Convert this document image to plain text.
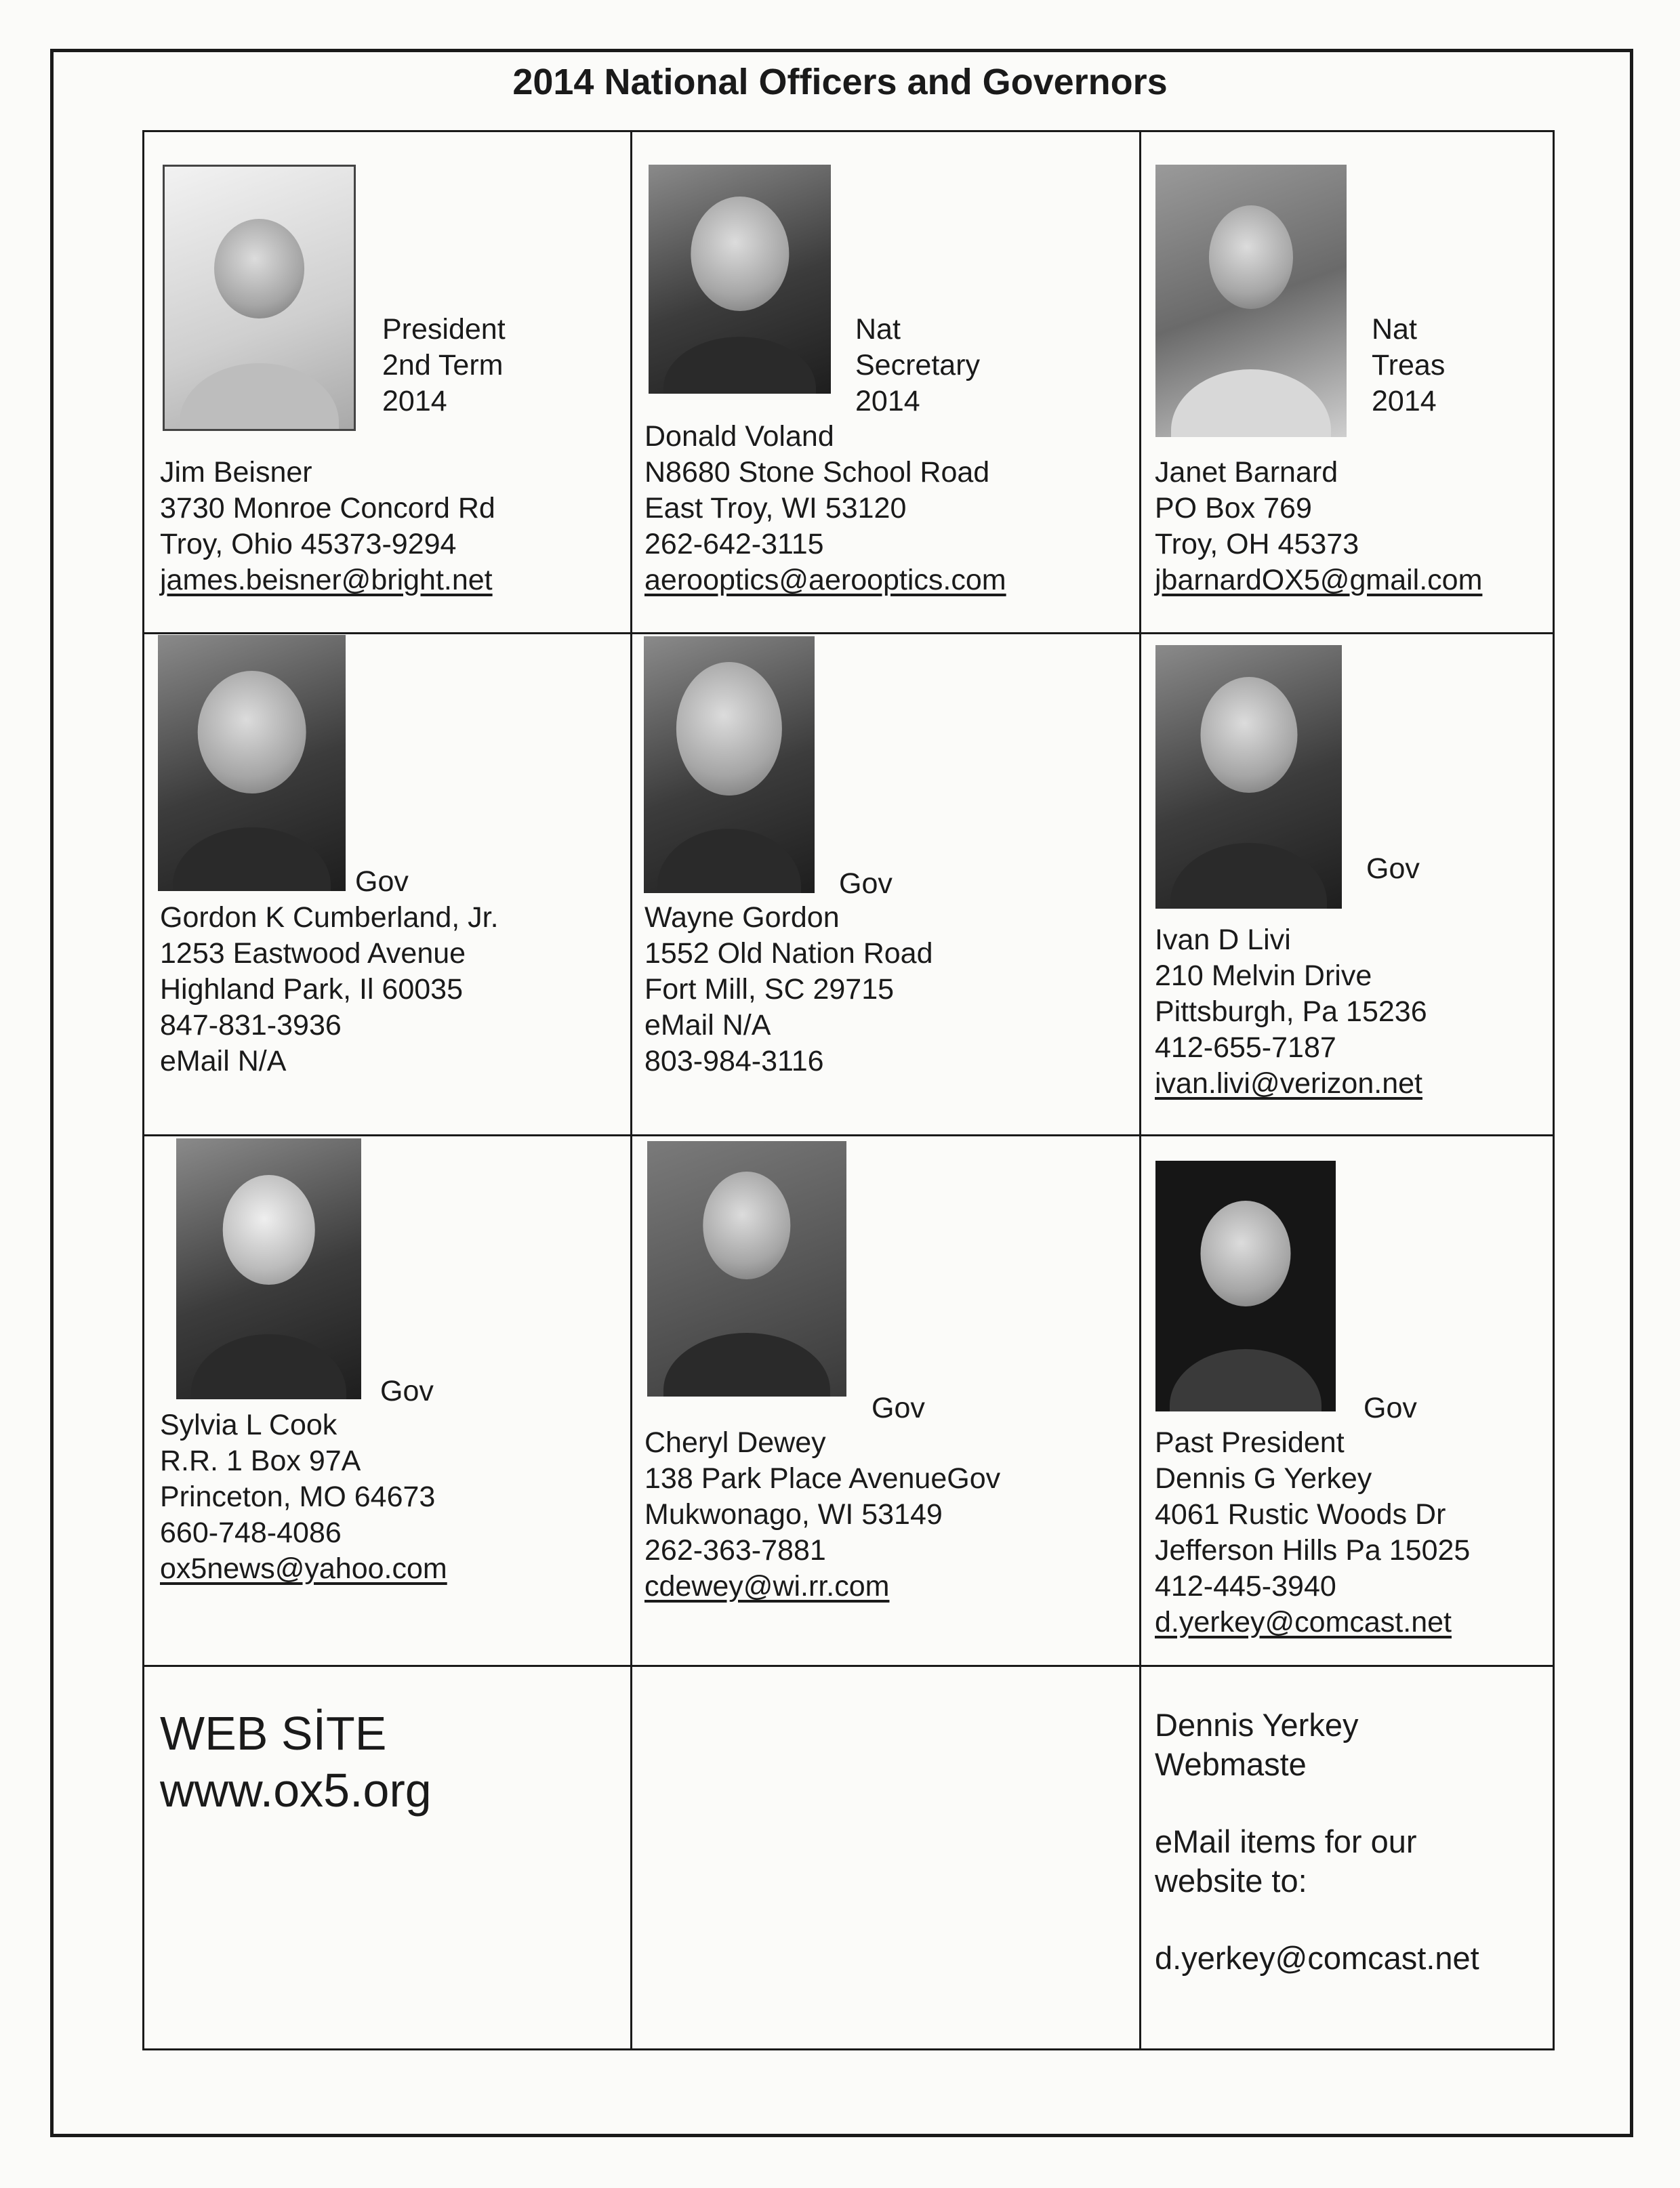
2014 National Officers and Governors
President
2nd Term
2014
Jim Beisner
3730 Monroe Concord Rd
Troy, Ohio 45373-9294
james.beisner@bright.net
Nat Secretary
2014
Donald Voland
N8680 Stone School Road
East Troy, WI 53120
262-642-3115
aerooptics@aerooptics.com
Nat Treas
2014
Janet Barnard
PO Box 769
Troy, OH 45373
jbarnardOX5@gmail.com
Gov
Gordon K Cumberland, Jr.
1253 Eastwood Avenue
Highland Park, Il 60035
847-831-3936
eMail N/A
Gov
Wayne Gordon
1552 Old Nation Road
Fort Mill, SC 29715
eMail N/A
803-984-3116
Gov
Ivan D Livi
210 Melvin Drive
Pittsburgh, Pa 15236
412-655-7187
ivan.livi@verizon.net
Gov
Sylvia L Cook
R.R. 1 Box 97A
Princeton, MO 64673
660-748-4086
ox5news@yahoo.com
Gov
Cheryl Dewey
138 Park Place AvenueGov
Mukwonago, WI 53149
262-363-7881
cdewey@wi.rr.com
Gov
Past President
Dennis G Yerkey
4061 Rustic Woods Dr
Jefferson Hills Pa 15025
412-445-3940
d.yerkey@comcast.net
WEB SİTE
www.ox5.org
Dennis Yerkey
Webmaste
eMail items for our
website to:
d.yerkey@comcast.net
